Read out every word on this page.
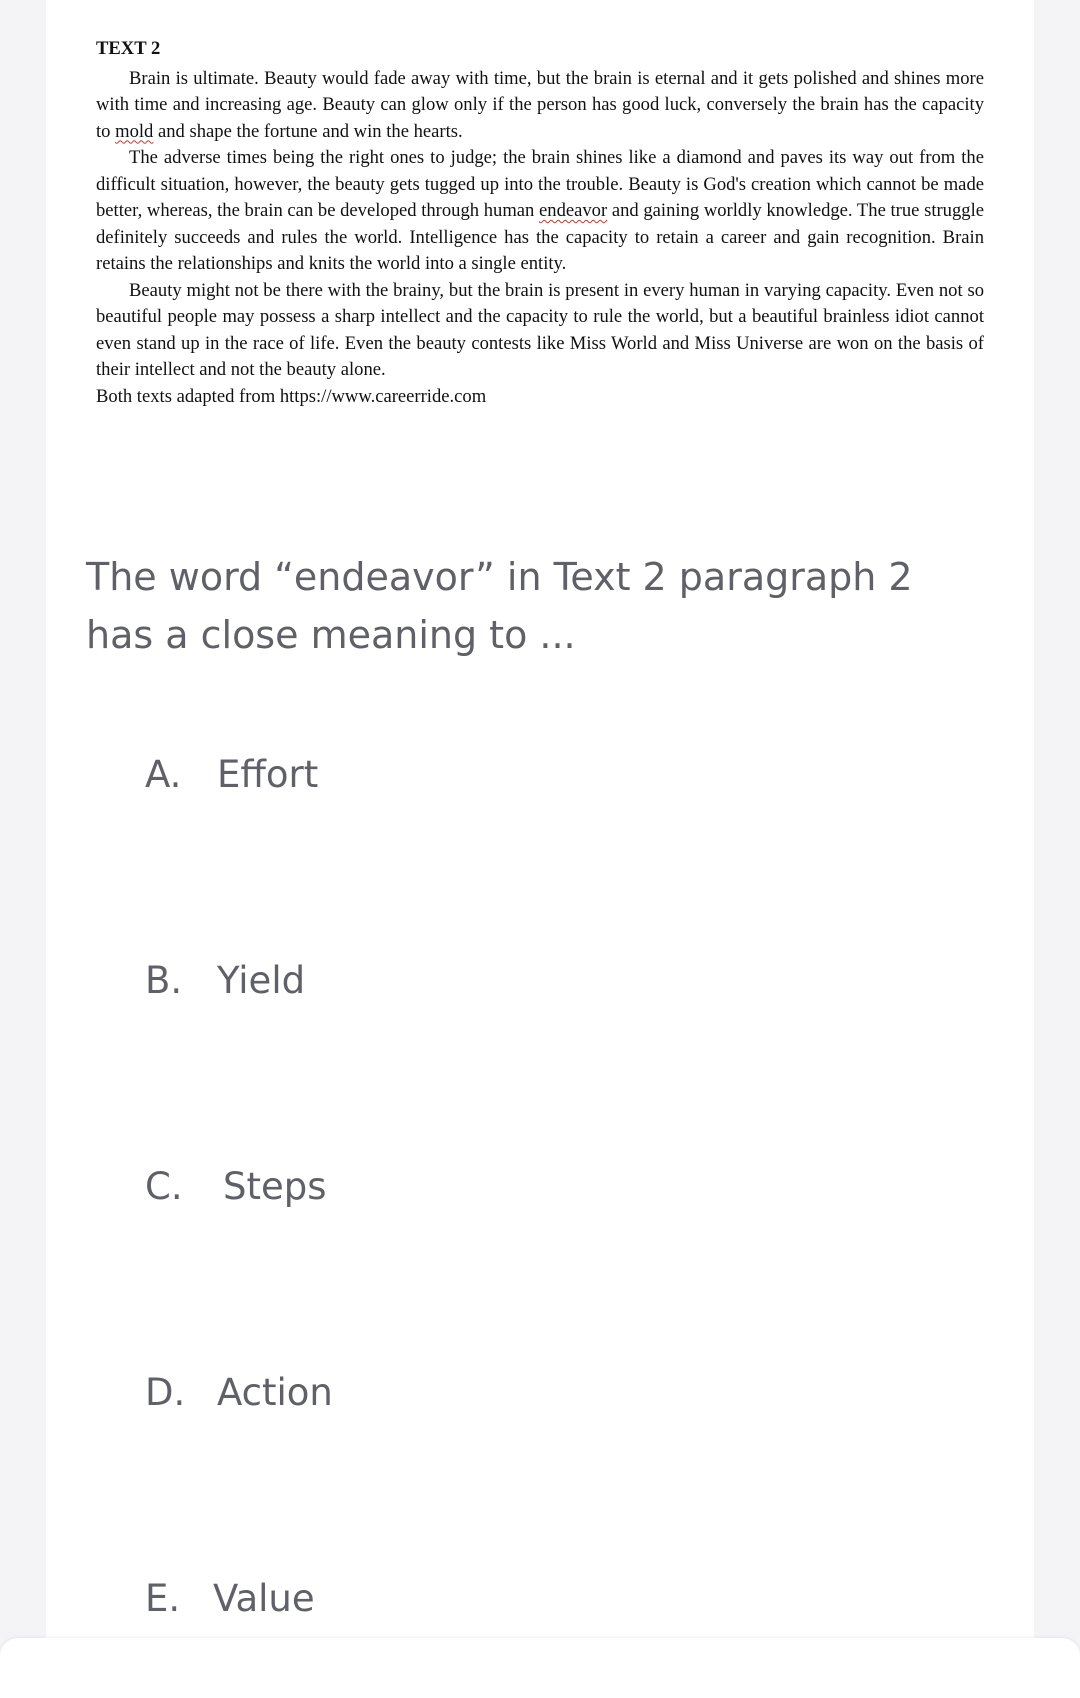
TEXT 2

Brain is ultimate. Beauty would fade away with time, but the brain is eternal and it gets polished and shines more with time and increasing age. Beauty can glow only if the person has good luck, conversely the brain has the capacity to mold and shape the fortune and win the hearts.

The adverse times being the right ones to judge; the brain shines like a diamond and paves its way out from the difficult situation, however, the beauty gets tugged up into the trouble. Beauty is God's creation which cannot be made better, whereas, the brain can be developed through human endeavor and gaining worldly knowledge. The true struggle definitely succeeds and rules the world. Intelligence has the capacity to retain a career and gain recognition. Brain retains the relationships and knits the world into a single entity.

Beauty might not be there with the brainy, but the brain is present in every human in varying capacity. Even not so beautiful people may possess a sharp intellect and the capacity to rule the world, but a beautiful brainless idiot cannot even stand up in the race of life. Even the beauty contests like Miss World and Miss Universe are won on the basis of their intellect and not the beauty alone.

Both texts adapted from https://www.careerride.com

The word “endeavor” in Text 2 paragraph 2 has a close meaning to ...

A. Effort
B. Yield
C.	Steps
D. Action
E. Value
